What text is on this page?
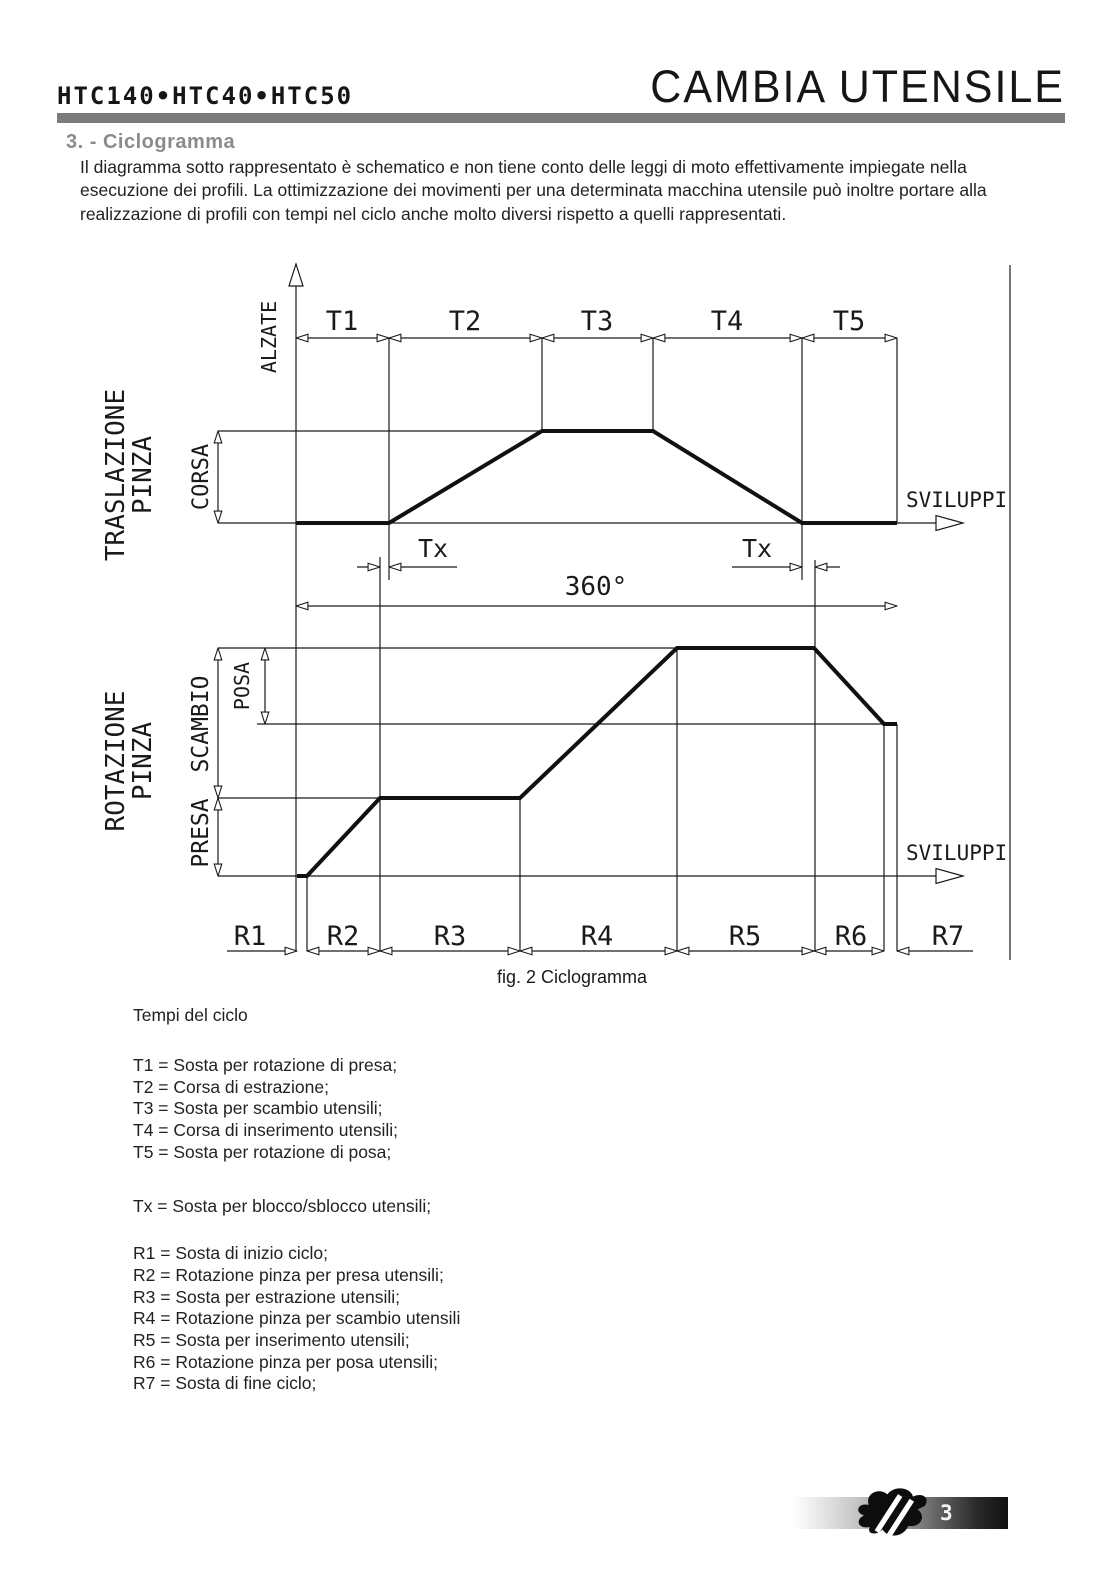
HTC140•HTC40•HTC50	CAMBIA UTENSILE
3. - Ciclogramma
Il diagramma sotto rappresentato è schematico e non tiene conto delle leggi di moto effettivamente impiegate nella esecuzione dei profili. La ottimizzazione dei movimenti per una determinata macchina utensile può inoltre portare alla realizzazione di profili con tempi nel ciclo anche molto diversi rispetto a quelli rappresentati.
T1	T2	T3	T4	T5
ALZATE
CORSA
TRASLAZIONE
PINZA	SVILUPPI
Tx	Tx
360°
POSA
SCAMBIO
PRESA
ROTAZIONE
PINZA
SVILUPPI
R1 R2	R3	R4	R5	R6 R7
fig. 2 Ciclogramma
Tempi del ciclo
T1 = Sosta per rotazione di presa;
T2 = Corsa di estrazione;
T3 = Sosta per scambio utensili;
T4 = Corsa di inserimento utensili;
T5 = Sosta per rotazione di posa;
Tx = Sosta per blocco/sblocco utensili;
R1 = Sosta di inizio ciclo;
R2 = Rotazione pinza per presa utensili;
R3 = Sosta per estrazione utensili;
R4 = Rotazione pinza per scambio utensili
R5 = Sosta per inserimento utensili;
R6 = Rotazione pinza per posa utensili;
R7 = Sosta di fine ciclo;
3
